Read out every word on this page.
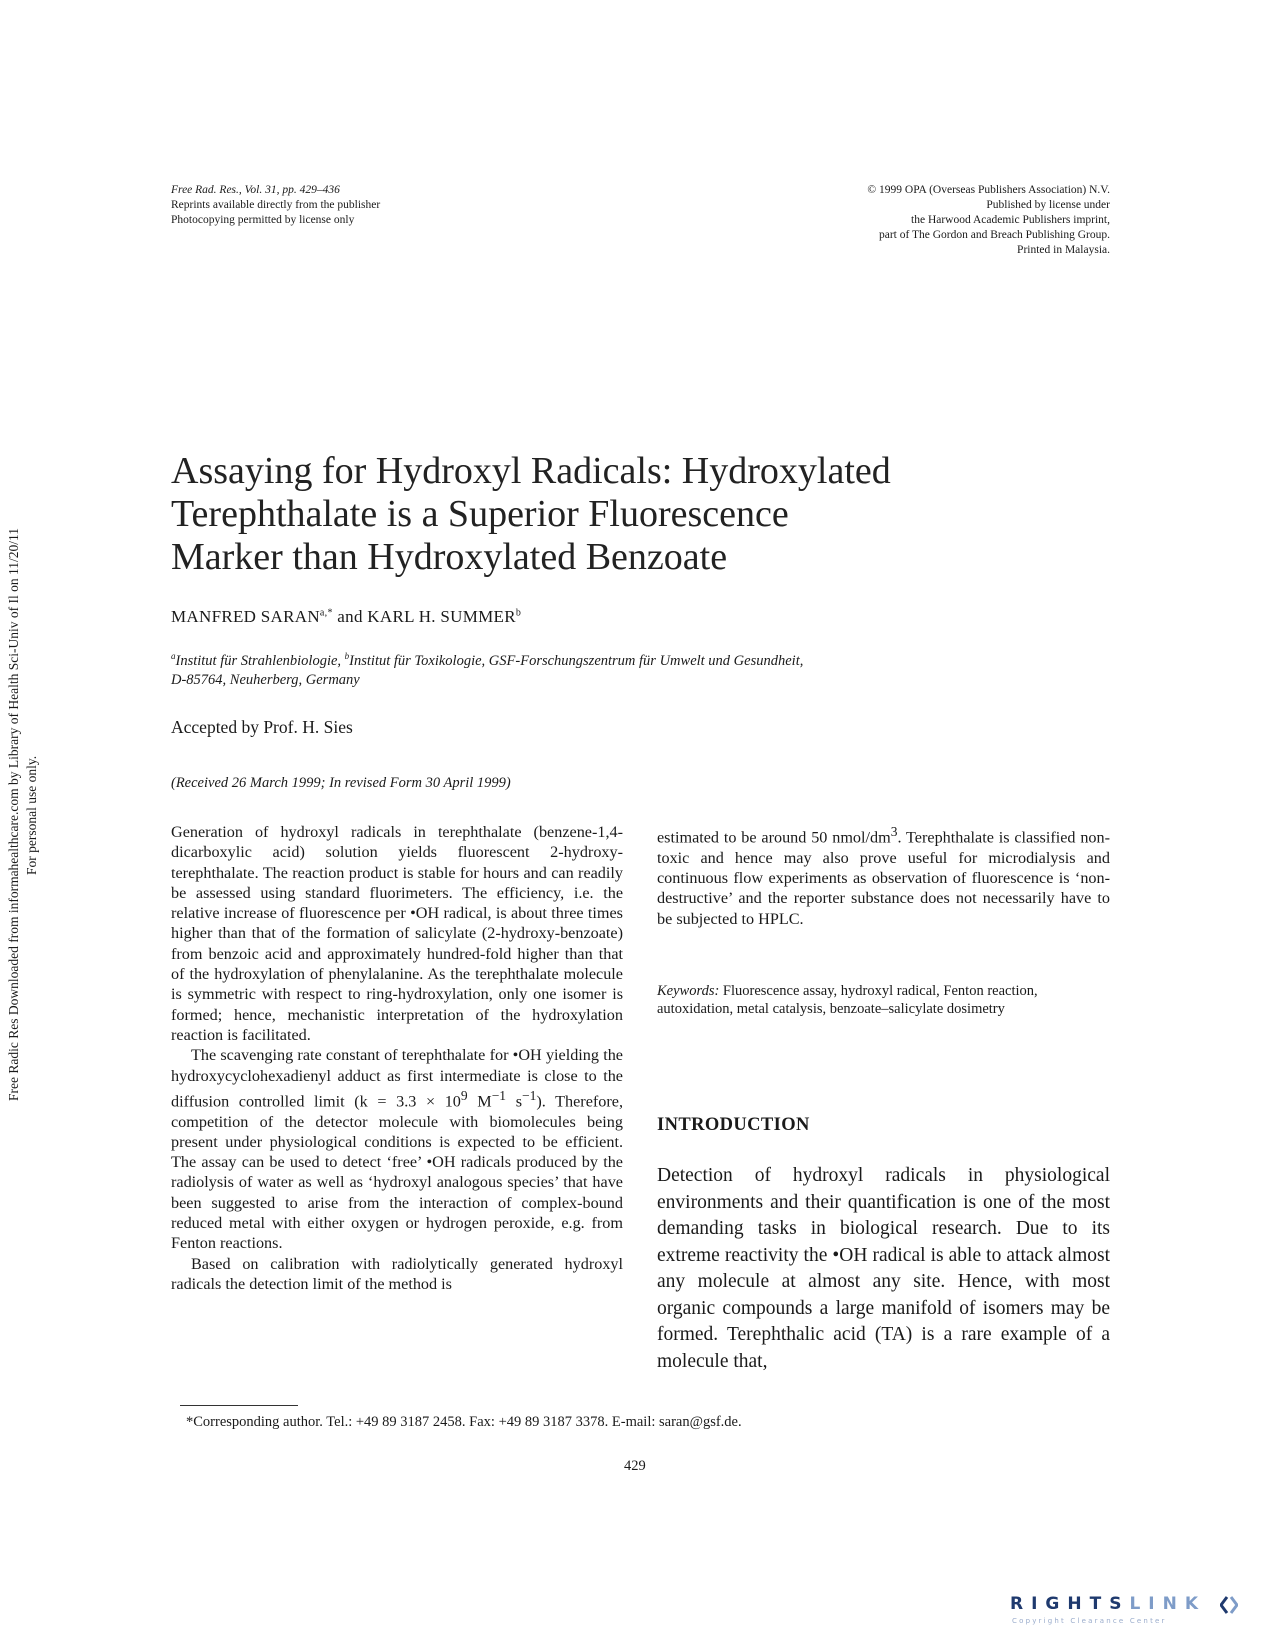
Free Rad. Res., Vol. 31, pp. 429–436
Reprints available directly from the publisher
Photocopying permitted by license only
© 1999 OPA (Overseas Publishers Association) N.V.
Published by license under
the Harwood Academic Publishers imprint,
part of The Gordon and Breach Publishing Group.
Printed in Malaysia.
Free Radic Res Downloaded from informahealthcare.com by Library of Health Sci-Univ of Il on 11/20/11 For personal use only.
Assaying for Hydroxyl Radicals: Hydroxylated
Terephthalate is a Superior Fluorescence
Marker than Hydroxylated Benzoate
MANFRED $SARAN^{a,*}$ and KARL H. SUMMER$^b$
$^a$Institut für Strahlenbiologie, $^b$Institut für Toxikologie, GSF-Forschungszentrum für Umwelt und Gesundheit,
D-85764, Neuherberg, Germany
Accepted by Prof. H. Sies
(Received 26 March 1999; In revised Form 30 April 1999)

Generation of hydroxyl radicals in terephthalate (benzene-1,4-dicarboxylic acid) solution yields fluorescent 2-hydroxy-terephthalate. The reaction product is stable for hours and can readily be assessed using standard fluorimeters. The efficiency, i.e. the relative increase of fluorescence per •OH radical, is about three times higher than that of the formation of salicylate (2-hydroxy-benzoate) from benzoic acid and approximately hundred-fold higher than that of the hydroxylation of phenylalanine. As the terephthalate molecule is symmetric with respect to ring-hydroxylation, only one isomer is formed; hence, mechanistic interpretation of the hydroxylation reaction is facilitated.

The scavenging rate constant of terephthalate for •OH yielding the hydroxycyclohexadienyl adduct as first intermediate is close to the diffusion controlled limit ($k = 3.3 \times 10^9$ $M^{-1}$ $s^{-1}$). Therefore, competition of the detector molecule with biomolecules being present under physiological conditions is expected to be efficient. The assay can be used to detect ‘free’ •OH radicals produced by the radiolysis of water as well as ‘hydroxyl analogous species’ that have been suggested to arise from the interaction of complex-bound reduced metal with either oxygen or hydrogen peroxide, e.g. from Fenton reactions.

Based on calibration with radiolytically generated hydroxyl radicals the detection limit of the method is

estimated to be around 50 nmol/$dm^3$. Terephthalate is classified non-toxic and hence may also prove useful for microdialysis and continuous flow experiments as observation of fluorescence is ‘non-destructive’ and the reporter substance does not necessarily have to be subjected to HPLC.

Keywords: Fluorescence assay, hydroxyl radical, Fenton reaction, autoxidation, metal catalysis, benzoate–salicylate dosimetry
INTRODUCTION

Detection of hydroxyl radicals in physiological environments and their quantification is one of the most demanding tasks in biological research. Due to its extreme reactivity the •OH radical is able to attack almost any molecule at almost any site. Hence, with most organic compounds a large manifold of isomers may be formed. Terephthalic acid (TA) is a rare example of a molecule that,

*Corresponding author. Tel.: +49 89 3187 2458. Fax: +49 89 3187 3378. E-mail: saran@gsf.de.
429
RIGHTSLINK
Copyright Clearance Center
